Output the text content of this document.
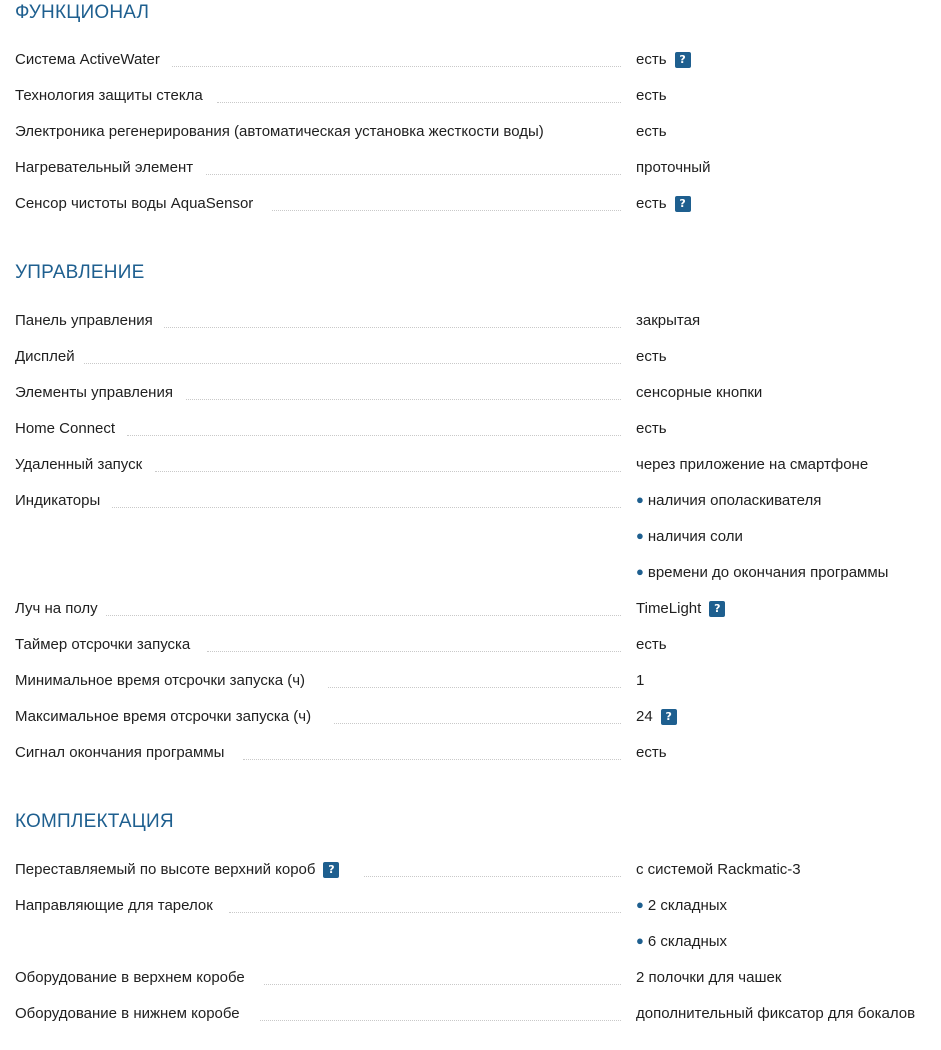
ФУНКЦИОНАЛ
Система ActiveWater	есть ?
Технология защиты стекла	есть
Электроника регенерирования (автоматическая установка жесткости воды)	есть
Нагревательный элемент	проточный
Сенсор чистоты воды AquaSensor	есть ?
УПРАВЛЕНИЕ
Панель управления	закрытая
Дисплей	есть
Элементы управления	сенсорные кнопки
Home Connect	есть
Удаленный запуск	через приложение на смартфоне
Индикаторы	● наличия ополаскивателя
● наличия соли
● времени до окончания программы
Луч на полу	TimeLight ?
Таймер отсрочки запуска	есть
Минимальное время отсрочки запуска (ч)	1
Максимальное время отсрочки запуска (ч)	24 ?
Сигнал окончания программы	есть
КОМПЛЕКТАЦИЯ
Переставляемый по высоте верхний короб ?	с системой Rackmatic-3
Направляющие для тарелок	● 2 складных
● 6 складных
Оборудование в верхнем коробе	2 полочки для чашек
Оборудование в нижнем коробе	дополнительный фиксатор для бокалов
